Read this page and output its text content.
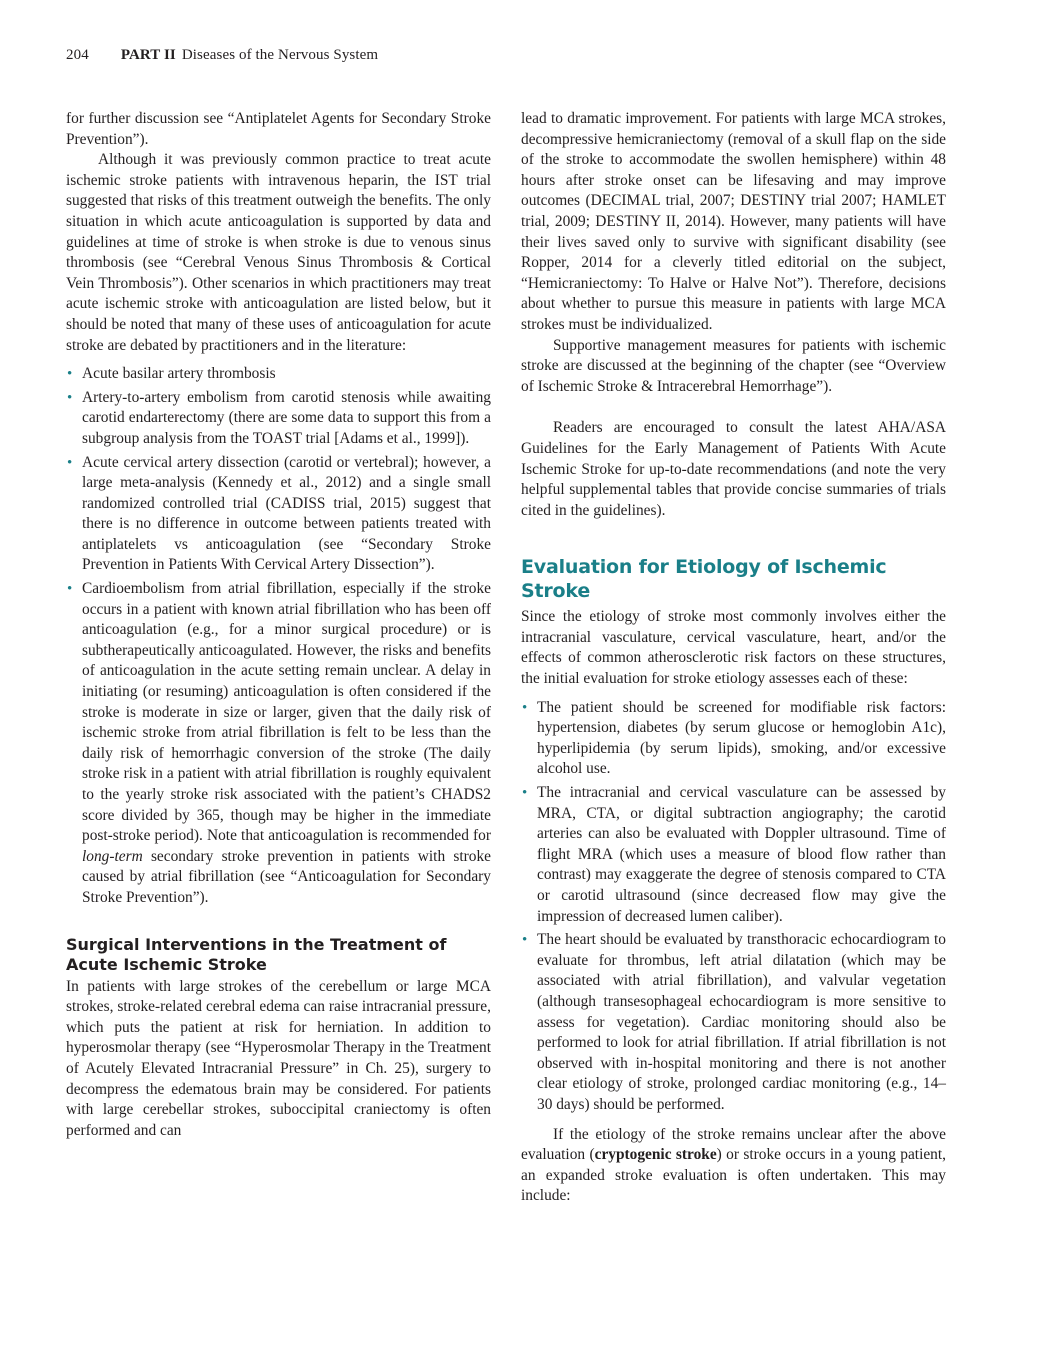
204 PART II Diseases of the Nervous System

for further discussion see “Antiplatelet Agents for Secondary Stroke Prevention”).

Although it was previously common practice to treat acute ischemic stroke patients with intravenous heparin, the IST trial suggested that risks of this treatment outweigh the benefits. The only situation in which acute anticoagulation is supported by data and guidelines at time of stroke is when stroke is due to venous sinus thrombosis (see “Cerebral Venous Sinus Thrombosis & Cortical Vein Thrombosis”). Other scenarios in which practitioners may treat acute ischemic stroke with anticoagulation are listed below, but it should be noted that many of these uses of anticoagulation for acute stroke are debated by practitioners and in the literature:

• Acute basilar artery thrombosis
• Artery-to-artery embolism from carotid stenosis while awaiting carotid endarterectomy (there are some data to support this from a subgroup analysis from the TOAST trial [Adams et al., 1999]).
• Acute cervical artery dissection (carotid or vertebral); however, a large meta-analysis (Kennedy et al., 2012) and a single small randomized controlled trial (CADISS trial, 2015) suggest that there is no difference in outcome between patients treated with antiplatelets vs anticoagulation (see “Secondary Stroke Prevention in Patients With Cervical Artery Dissection”).
• Cardioembolism from atrial fibrillation, especially if the stroke occurs in a patient with known atrial fibrillation who has been off anticoagulation (e.g., for a minor surgical procedure) or is subtherapeutically anticoagulated. However, the risks and benefits of anticoagulation in the acute setting remain unclear. A delay in initiating (or resuming) anticoagulation is often considered if the stroke is moderate in size or larger, given that the daily risk of ischemic stroke from atrial fibrillation is felt to be less than the daily risk of hemorrhagic conversion of the stroke (The daily stroke risk in a patient with atrial fibrillation is roughly equivalent to the yearly stroke risk associated with the patient’s CHADS2 score divided by 365, though may be higher in the immediate post-stroke period). Note that anticoagulation is recommended for long-term secondary stroke prevention in patients with stroke caused by atrial fibrillation (see “Anticoagulation for Secondary Stroke Prevention”).
Surgical Interventions in the Treatment of Acute Ischemic Stroke

In patients with large strokes of the cerebellum or large MCA strokes, stroke-related cerebral edema can raise intracranial pressure, which puts the patient at risk for herniation. In addition to hyperosmolar therapy (see “Hyperosmolar Therapy in the Treatment of Acutely Elevated Intracranial Pressure” in Ch. 25), surgery to decompress the edematous brain may be considered. For patients with large cerebellar strokes, suboccipital craniectomy is often performed and can

lead to dramatic improvement. For patients with large MCA strokes, decompressive hemicraniectomy (removal of a skull flap on the side of the stroke to accommodate the swollen hemisphere) within 48 hours after stroke onset can be lifesaving and may improve outcomes (DECIMAL trial, 2007; DESTINY trial 2007; HAMLET trial, 2009; DESTINY II, 2014). However, many patients will have their lives saved only to survive with significant disability (see Ropper, 2014 for a cleverly titled editorial on the subject, “Hemicraniectomy: To Halve or Halve Not”). Therefore, decisions about whether to pursue this measure in patients with large MCA strokes must be individualized.

Supportive management measures for patients with ischemic stroke are discussed at the beginning of the chapter (see “Overview of Ischemic Stroke & Intracerebral Hemorrhage”).

Readers are encouraged to consult the latest AHA/ASA Guidelines for the Early Management of Patients With Acute Ischemic Stroke for up-to-date recommendations (and note the very helpful supplemental tables that provide concise summaries of trials cited in the guidelines).

Evaluation for Etiology of Ischemic Stroke

Since the etiology of stroke most commonly involves either the intracranial vasculature, cervical vasculature, heart, and/or the effects of common atherosclerotic risk factors on these structures, the initial evaluation for stroke etiology assesses each of these:

• The patient should be screened for modifiable risk factors: hypertension, diabetes (by serum glucose or hemoglobin A1c), hyperlipidemia (by serum lipids), smoking, and/or excessive alcohol use.
• The intracranial and cervical vasculature can be assessed by MRA, CTA, or digital subtraction angiography; the carotid arteries can also be evaluated with Doppler ultrasound. Time of flight MRA (which uses a measure of blood flow rather than contrast) may exaggerate the degree of stenosis compared to CTA or carotid ultrasound (since decreased flow may give the impression of decreased lumen caliber).
• The heart should be evaluated by transthoracic echocardiogram to evaluate for thrombus, left atrial dilatation (which may be associated with atrial fibrillation), and valvular vegetation (although transesophageal echocardiogram is more sensitive to assess for vegetation). Cardiac monitoring should also be performed to look for atrial fibrillation. If atrial fibrillation is not observed with in-hospital monitoring and there is not another clear etiology of stroke, prolonged cardiac monitoring (e.g., 14–30 days) should be performed.

If the etiology of the stroke remains unclear after the above evaluation (cryptogenic stroke) or stroke occurs in a young patient, an expanded stroke evaluation is often undertaken. This may include:
